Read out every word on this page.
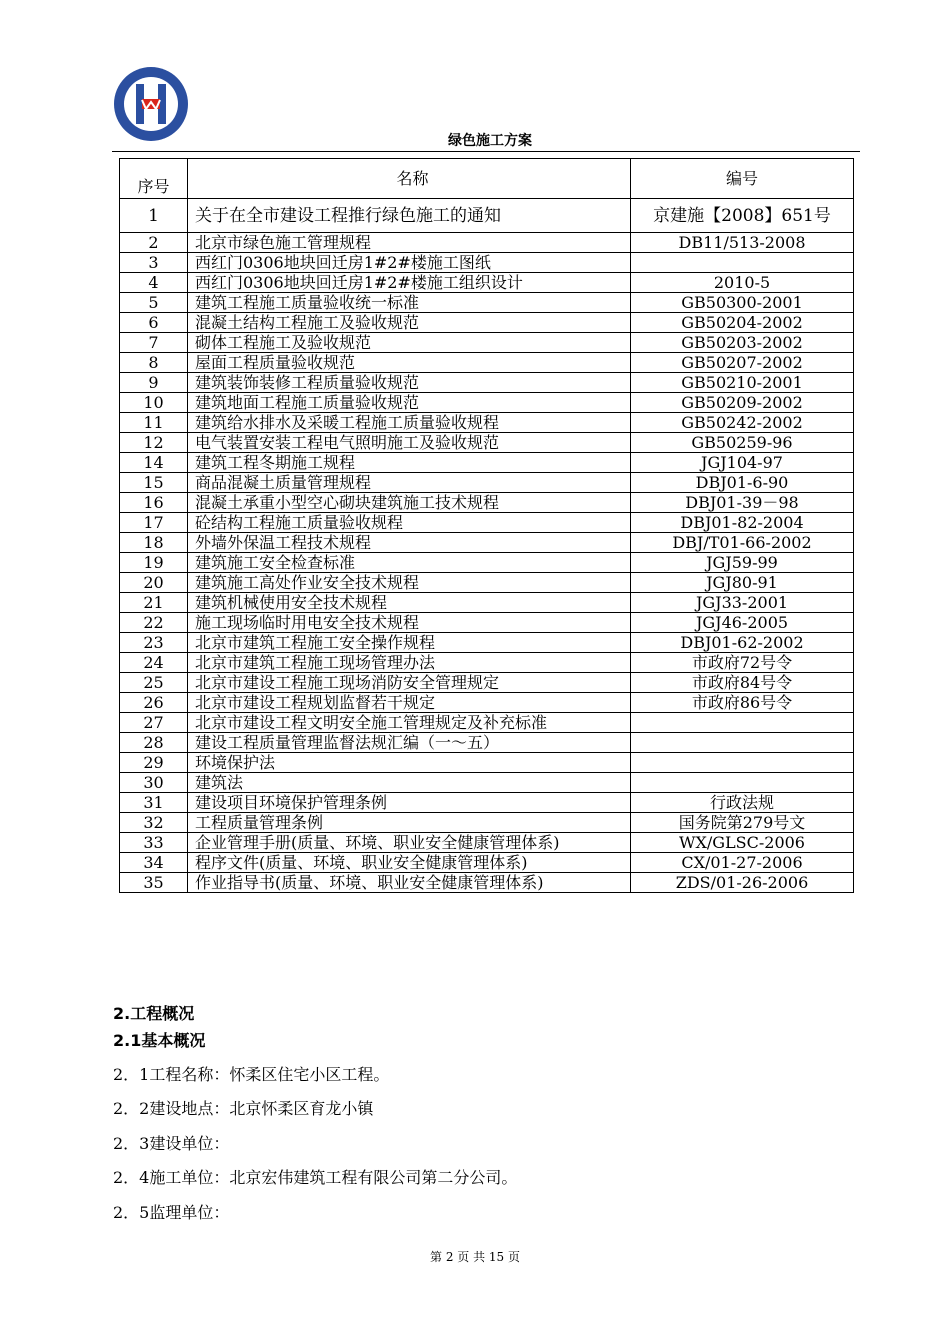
绿色施工方案
序号	名称	编号
1	关于在全市建设工程推行绿色施工的通知	京建施【2008】651号
2	北京市绿色施工管理规程	DB11/513-2008
3	西红门0306地块回迁房1#2#楼施工图纸	
4	西红门0306地块回迁房1#2#楼施工组织设计	2010-5
5	建筑工程施工质量验收统一标准	GB50300-2001
6	混凝土结构工程施工及验收规范	GB50204-2002
7	砌体工程施工及验收规范	GB50203-2002
8	屋面工程质量验收规范	GB50207-2002
9	建筑装饰装修工程质量验收规范	GB50210-2001
10	建筑地面工程施工质量验收规范	GB50209-2002
11	建筑给水排水及采暖工程施工质量验收规程	GB50242-2002
12	电气装置安装工程电气照明施工及验收规范	GB50259-96
14	建筑工程冬期施工规程	JGJ104-97
15	商品混凝土质量管理规程	DBJ01-6-90
16	混凝土承重小型空心砌块建筑施工技术规程	DBJ01-39－98
17	砼结构工程施工质量验收规程	DBJ01-82-2004
18	外墙外保温工程技术规程	DBJ/T01-66-2002
19	建筑施工安全检查标准	JGJ59-99
20	建筑施工高处作业安全技术规程	JGJ80-91
21	建筑机械使用安全技术规程	JGJ33-2001
22	施工现场临时用电安全技术规程	JGJ46-2005
23	北京市建筑工程施工安全操作规程	DBJ01-62-2002
24	北京市建筑工程施工现场管理办法	市政府72号令
25	北京市建设工程施工现场消防安全管理规定	市政府84号令
26	北京市建设工程规划监督若干规定	市政府86号令
27	北京市建设工程文明安全施工管理规定及补充标准	
28	建设工程质量管理监督法规汇编（一～五）	
29	环境保护法	
30	建筑法	
31	建设项目环境保护管理条例	行政法规
32	工程质量管理条例	国务院第279号文
33	企业管理手册(质量、环境、职业安全健康管理体系)	WX/GLSC-2006
34	程序文件(质量、环境、职业安全健康管理体系)	CX/01-27-2006
35	作业指导书(质量、环境、职业安全健康管理体系)	ZDS/01-26-2006
2.工程概况
2.1基本概况
2．1工程名称：怀柔区住宅小区工程。
2．2建设地点：北京怀柔区育龙小镇
2．3建设单位：
2．4施工单位：北京宏伟建筑工程有限公司第二分公司。
2．5监理单位：
第 2 页 共 15 页
